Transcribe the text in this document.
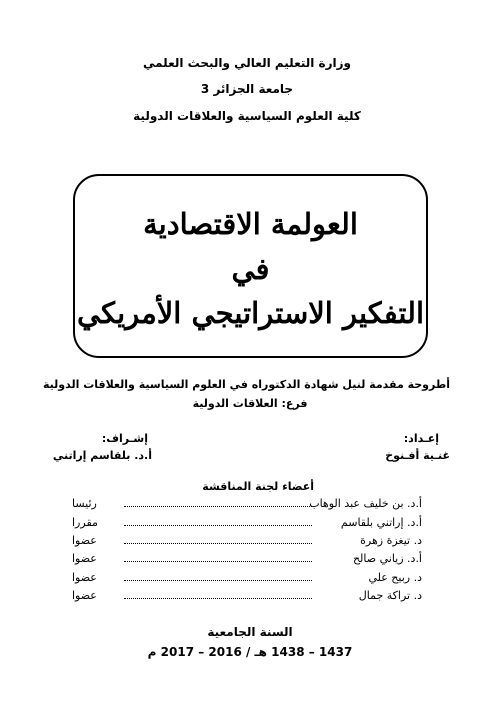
وزارة التعليم العالي والبحث العلمي
جامعة الجزائر 3
كلية العلوم السياسية والعلاقات الدولية
العولمة الاقتصادية
في
التفكير الاستراتيجي الأمريكي
أطروحة مقدمة لنيل شهادة الدكتوراه في العلوم السياسية والعلاقات الدولية
فرع: العلاقات الدولية
إعـداد:
غنـية أفـنوخ
إشـراف:
أ.د. بلقاسم إراتني
أعضاء لجنة المناقشة
أ.د. بن خليف عبد الوهاب
رئيسا
أ.د. إراتني بلقاسم
مقررا
د. تيغزة زهرة
عضوا
أ.د. زياني صالح
عضوا
د. ربيح علي
عضوا
د. تراكة جمال
عضوا
السنة الجامعية
1437 – 1438 هـ / 2016 – 2017 م
